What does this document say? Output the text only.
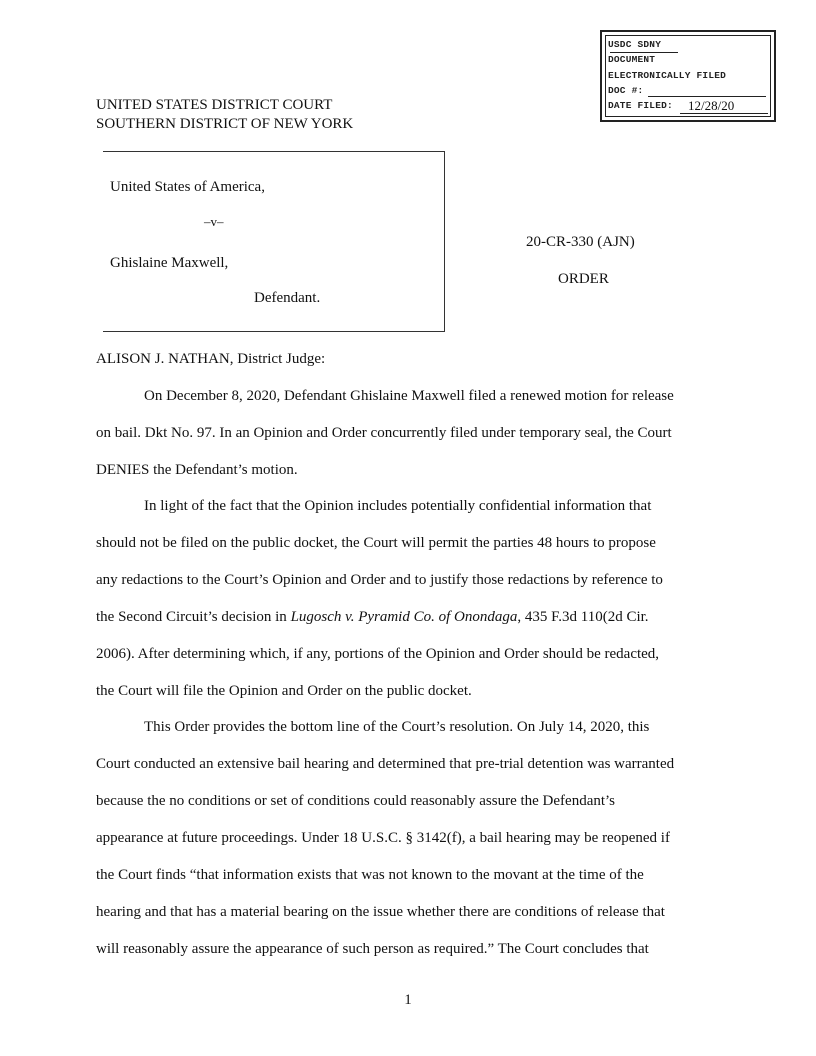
USDC SDNY
DOCUMENT
ELECTRONICALLY FILED
DOC #:
DATE FILED: 12/28/20
UNITED STATES DISTRICT COURT
SOUTHERN DISTRICT OF NEW YORK
United States of America,
–v–
Ghislaine Maxwell,
Defendant.
20-CR-330 (AJN)
ORDER
ALISON J. NATHAN, District Judge:
On December 8, 2020, Defendant Ghislaine Maxwell filed a renewed motion for release
on bail. Dkt No. 97. In an Opinion and Order concurrently filed under temporary seal, the Court
DENIES the Defendant’s motion.
In light of the fact that the Opinion includes potentially confidential information that
should not be filed on the public docket, the Court will permit the parties 48 hours to propose
any redactions to the Court’s Opinion and Order and to justify those redactions by reference to
the Second Circuit’s decision in Lugosch v. Pyramid Co. of Onondaga, 435 F.3d 110(2d Cir.
2006). After determining which, if any, portions of the Opinion and Order should be redacted,
the Court will file the Opinion and Order on the public docket.
This Order provides the bottom line of the Court’s resolution. On July 14, 2020, this
Court conducted an extensive bail hearing and determined that pre-trial detention was warranted
because the no conditions or set of conditions could reasonably assure the Defendant’s
appearance at future proceedings. Under 18 U.S.C. § 3142(f), a bail hearing may be reopened if
the Court finds “that information exists that was not known to the movant at the time of the
hearing and that has a material bearing on the issue whether there are conditions of release that
will reasonably assure the appearance of such person as required.” The Court concludes that
1
